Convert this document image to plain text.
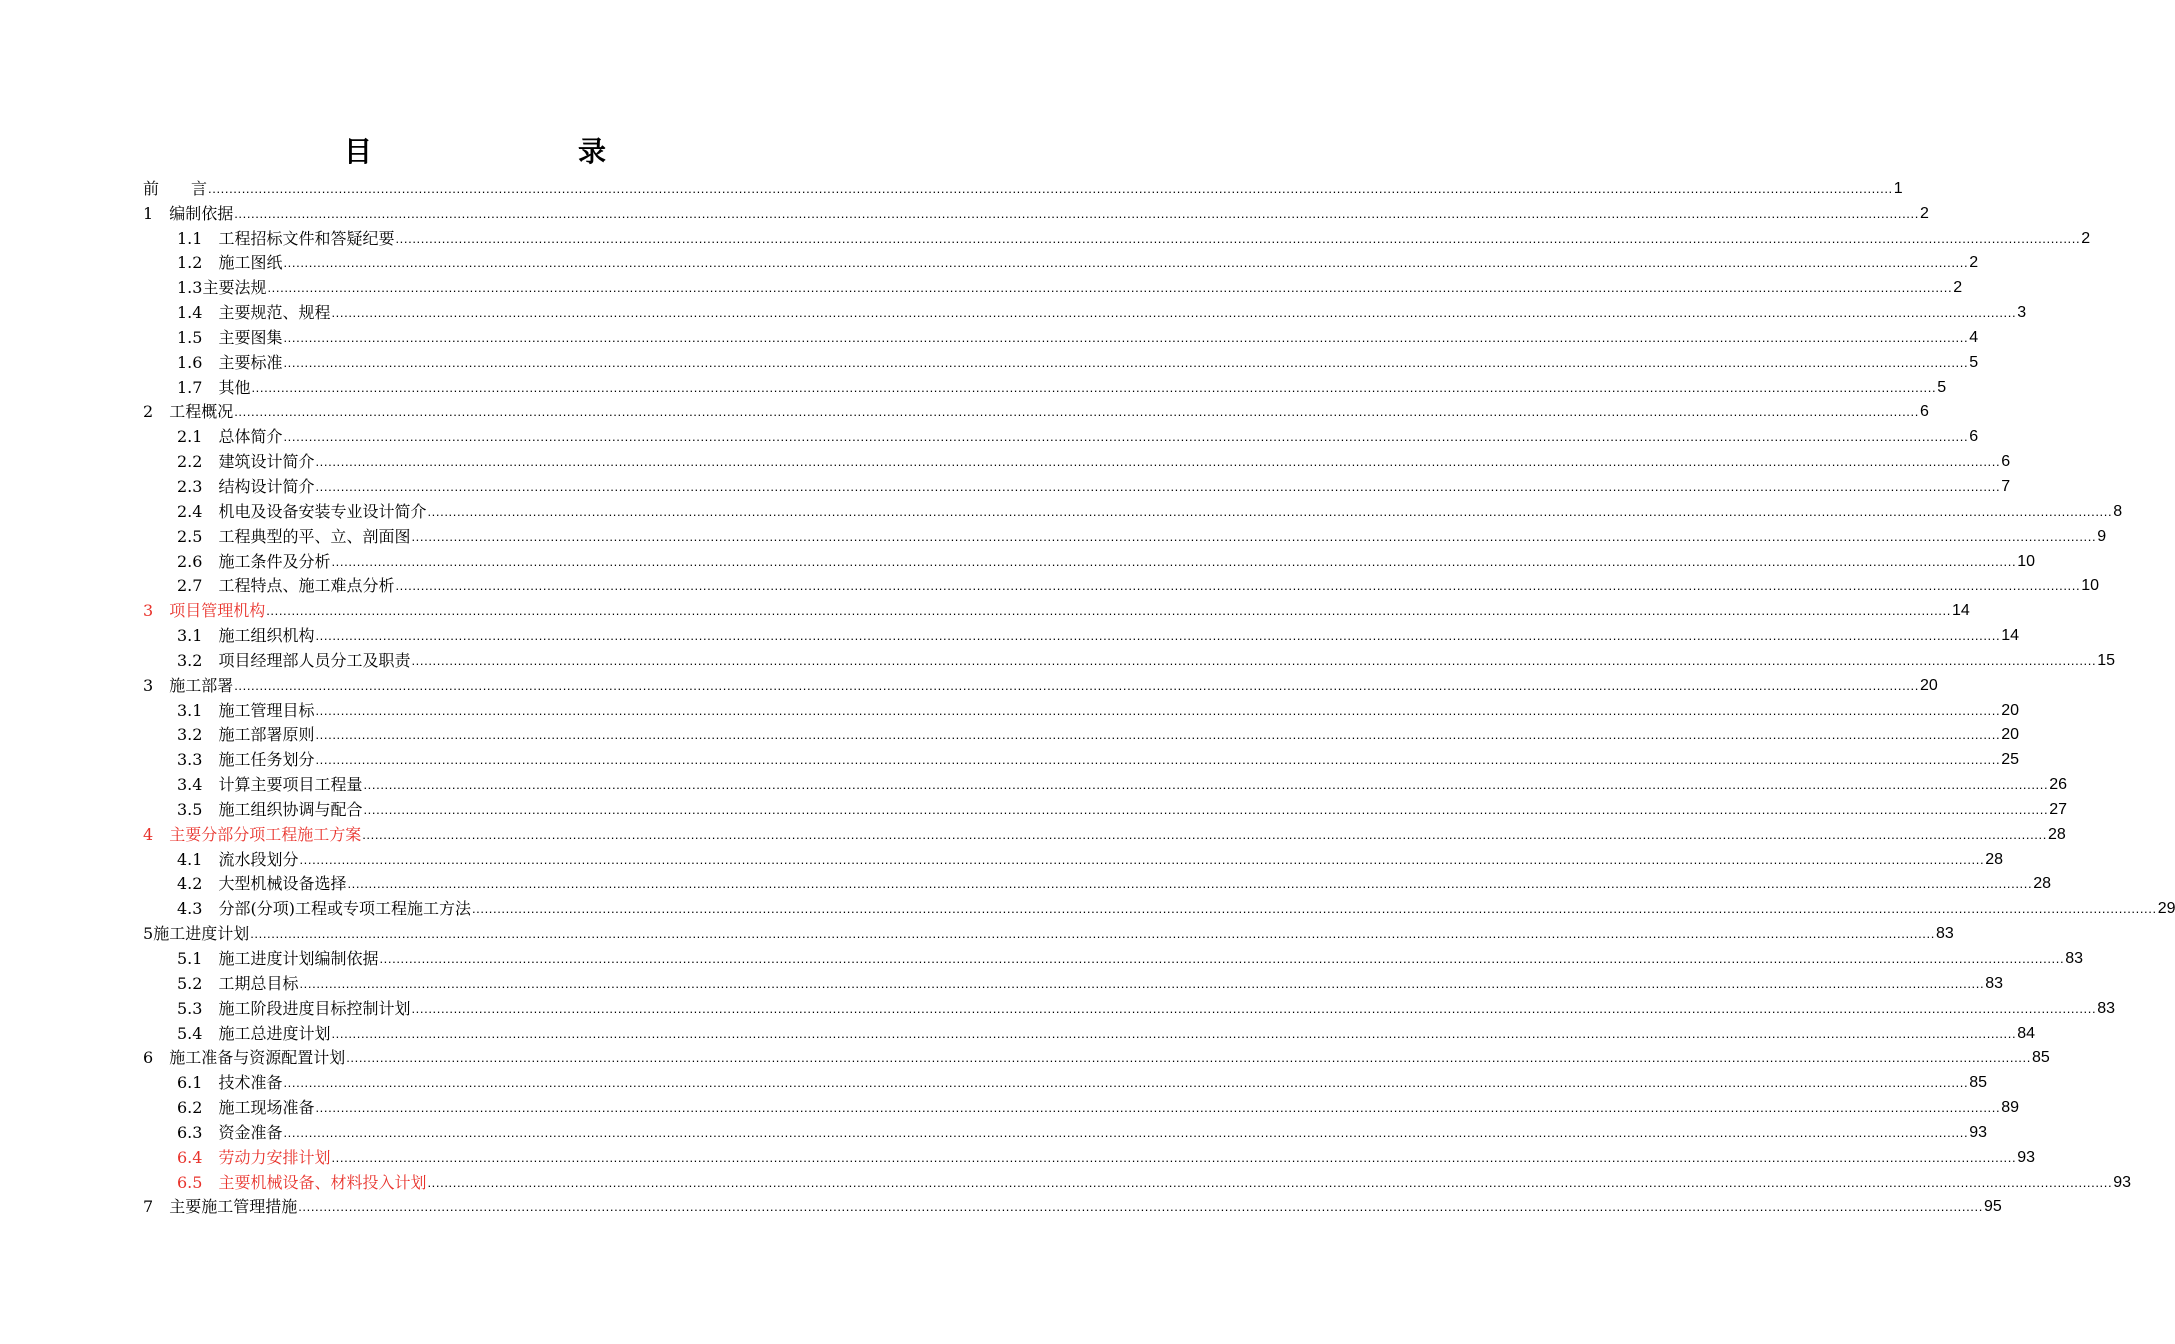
目　　录
前　　言 ................................................................................................................................................................................................................................................................................................................................................................................................................ 1
1　 编制依据 ................................................................................................................................................................................................................................................................................................................................................................................................................ 2
1.1　 工程招标文件和答疑纪要 ................................................................................................................................................................................................................................................................................................................................................................................................................ 2
1.2　 施工图纸 ................................................................................................................................................................................................................................................................................................................................................................................................................ 2
1.3 主要法规 ................................................................................................................................................................................................................................................................................................................................................................................................................ 2
1.4　 主要规范、规程 ................................................................................................................................................................................................................................................................................................................................................................................................................ 3
1.5　 主要图集 ................................................................................................................................................................................................................................................................................................................................................................................................................ 4
1.6　 主要标准 ................................................................................................................................................................................................................................................................................................................................................................................................................ 5
1.7　 其他 ................................................................................................................................................................................................................................................................................................................................................................................................................ 5
2　 工程概况 ................................................................................................................................................................................................................................................................................................................................................................................................................ 6
2.1　 总体简介 ................................................................................................................................................................................................................................................................................................................................................................................................................ 6
2.2　 建筑设计简介 ................................................................................................................................................................................................................................................................................................................................................................................................................ 6
2.3　 结构设计简介 ................................................................................................................................................................................................................................................................................................................................................................................................................ 7
2.4　 机电及设备安装专业设计简介 ................................................................................................................................................................................................................................................................................................................................................................................................................ 8
2.5　 工程典型的平、立、剖面图 ................................................................................................................................................................................................................................................................................................................................................................................................................ 9
2.6　 施工条件及分析 ................................................................................................................................................................................................................................................................................................................................................................................................................ 10
2.7　 工程特点、施工难点分析 ................................................................................................................................................................................................................................................................................................................................................................................................................ 10
3　 项目管理机构 ................................................................................................................................................................................................................................................................................................................................................................................................................ 14
3.1　 施工组织机构 ................................................................................................................................................................................................................................................................................................................................................................................................................ 14
3.2　 项目经理部人员分工及职责 ................................................................................................................................................................................................................................................................................................................................................................................................................ 15
3　 施工部署 ................................................................................................................................................................................................................................................................................................................................................................................................................ 20
3.1　 施工管理目标 ................................................................................................................................................................................................................................................................................................................................................................................................................ 20
3.2　 施工部署原则 ................................................................................................................................................................................................................................................................................................................................................................................................................ 20
3.3　 施工任务划分 ................................................................................................................................................................................................................................................................................................................................................................................................................ 25
3.4　 计算主要项目工程量 ................................................................................................................................................................................................................................................................................................................................................................................................................ 26
3.5　 施工组织协调与配合 ................................................................................................................................................................................................................................................................................................................................................................................................................ 27
4　 主要分部分项工程施工方案 ................................................................................................................................................................................................................................................................................................................................................................................................................ 28
4.1　 流水段划分 ................................................................................................................................................................................................................................................................................................................................................................................................................ 28
4.2　 大型机械设备选择 ................................................................................................................................................................................................................................................................................................................................................................................................................ 28
4.3　 分部(分项)工程或专项工程施工方法 ................................................................................................................................................................................................................................................................................................................................................................................................................ 29
5 施工进度计划 ................................................................................................................................................................................................................................................................................................................................................................................................................ 83
5.1　 施工进度计划编制依据 ................................................................................................................................................................................................................................................................................................................................................................................................................ 83
5.2　 工期总目标 ................................................................................................................................................................................................................................................................................................................................................................................................................ 83
5.3　 施工阶段进度目标控制计划 ................................................................................................................................................................................................................................................................................................................................................................................................................ 83
5.4　 施工总进度计划 ................................................................................................................................................................................................................................................................................................................................................................................................................ 84
6　 施工准备与资源配置计划 ................................................................................................................................................................................................................................................................................................................................................................................................................ 85
6.1　 技术准备 ................................................................................................................................................................................................................................................................................................................................................................................................................ 85
6.2　 施工现场准备 ................................................................................................................................................................................................................................................................................................................................................................................................................ 89
6.3　 资金准备 ................................................................................................................................................................................................................................................................................................................................................................................................................ 93
6.4　 劳动力安排计划 ................................................................................................................................................................................................................................................................................................................................................................................................................ 93
6.5　 主要机械设备、材料投入计划 ................................................................................................................................................................................................................................................................................................................................................................................................................ 93
7　 主要施工管理措施 ................................................................................................................................................................................................................................................................................................................................................................................................................ 95
